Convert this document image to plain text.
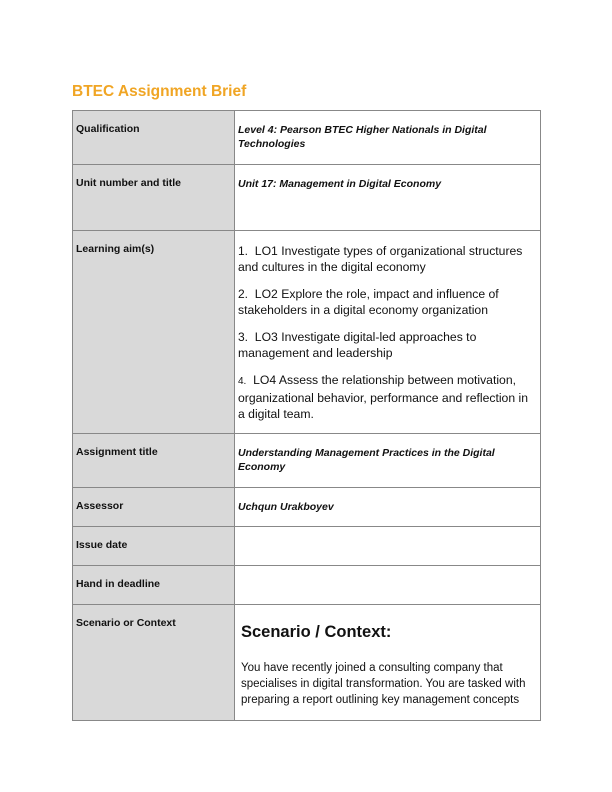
BTEC Assignment Brief
Qualification	Level 4: Pearson BTEC Higher Nationals in Digital Technologies
Unit number and title	Unit 17: Management in Digital Economy
Learning aim(s)	1. LO1 Investigate types of organizational structures and cultures in the digital economy
2. LO2 Explore the role, impact and influence of stakeholders in a digital economy organization
3. LO3 Investigate digital-led approaches to management and leadership
4. LO4 Assess the relationship between motivation, organizational behavior, performance and reflection in a digital team.

Assignment title	Understanding Management Practices in the Digital Economy
Assessor	Uchqun Urakboyev
Issue date	
Hand in deadline	
Scenario or Context	Scenario / Context:
You have recently joined a consulting company that specialises in digital transformation. You are tasked with preparing a report outlining key management concepts
